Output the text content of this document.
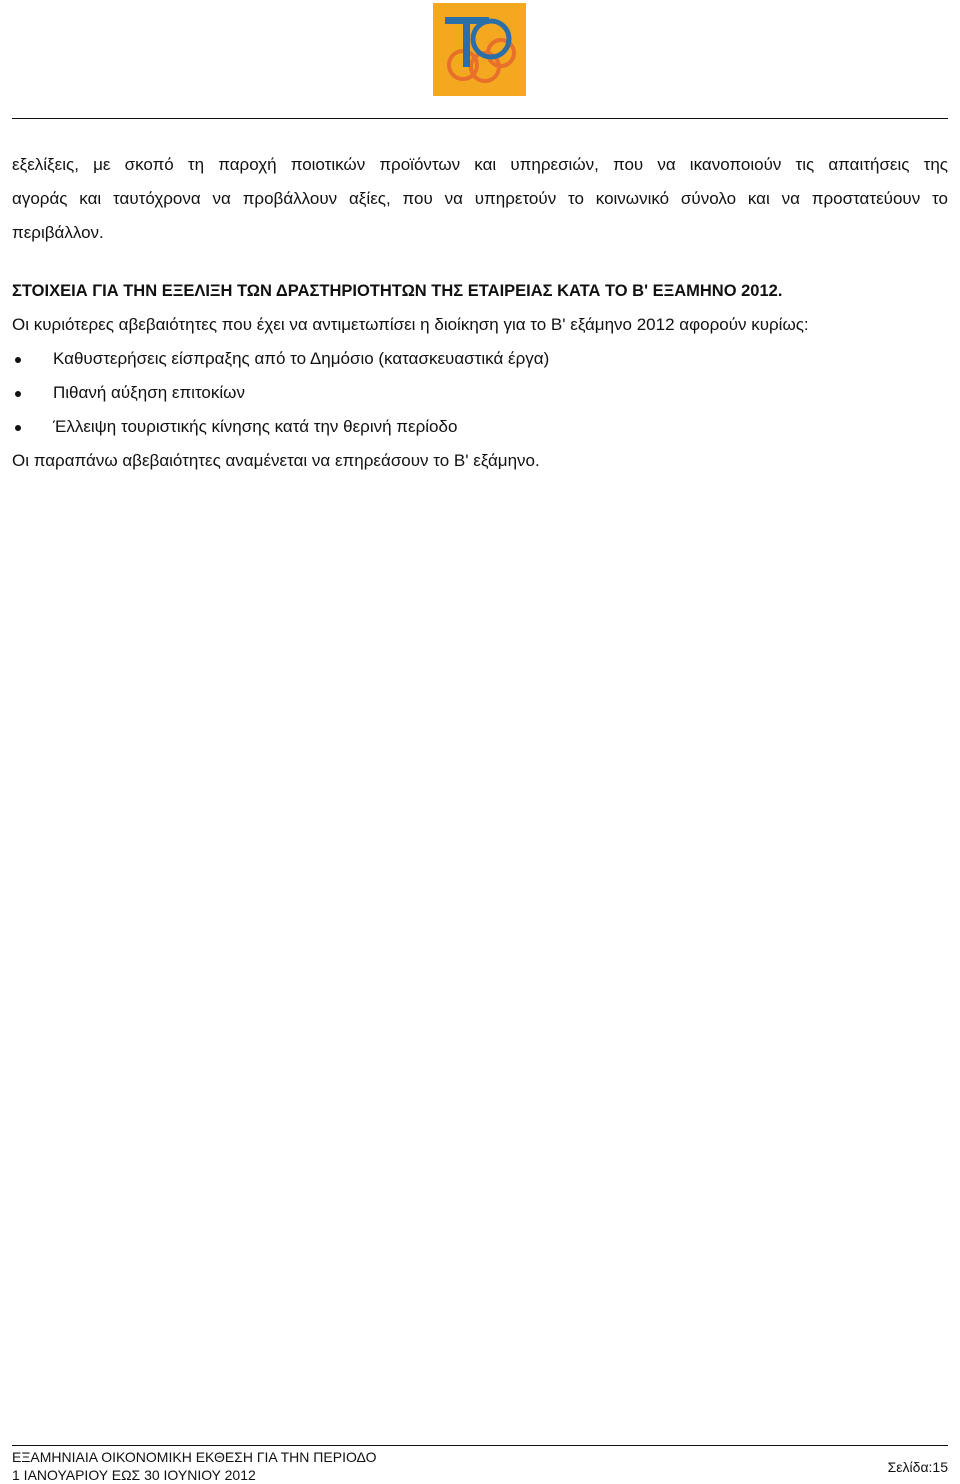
εξελίξεις, με σκοπό τη παροχή ποιοτικών προϊόντων και υπηρεσιών, που να ικανοποιούν τις απαιτήσεις της
αγοράς και ταυτόχρονα να προβάλλουν αξίες, που να υπηρετούν το κοινωνικό σύνολο και να προστατεύουν το
περιβάλλον.

ΣΤΟΙΧΕΙΑ ΓΙΑ ΤΗΝ ΕΞΕΛΙΞΗ ΤΩΝ ΔΡΑΣΤΗΡΙΟΤΗΤΩΝ ΤΗΣ ΕΤΑΙΡΕΙΑΣ ΚΑΤΑ ΤΟ Β' ΕΞΑΜΗΝΟ 2012.

Οι κυριότερες αβεβαιότητες που έχει να αντιμετωπίσει η διοίκηση για το Β' εξάμηνο 2012 αφορούν κυρίως:

Καθυστερήσεις είσπραξης από το Δημόσιο (κατασκευαστικά έργα)
Πιθανή αύξηση επιτοκίων
Έλλειψη τουριστικής κίνησης κατά την θερινή περίοδο

Οι παραπάνω αβεβαιότητες αναμένεται να επηρεάσουν το Β' εξάμηνο.

ΕΞΑΜΗΝΙΑΙΑ ΟΙΚΟΝΟΜΙΚΗ ΕΚΘΕΣΗ ΓΙΑ ΤΗΝ ΠΕΡΙΟΔΟ
1 ΙΑΝΟΥΑΡΙΟΥ ΕΩΣ 30 ΙΟΥΝΙΟΥ 2012	Σελίδα:15
